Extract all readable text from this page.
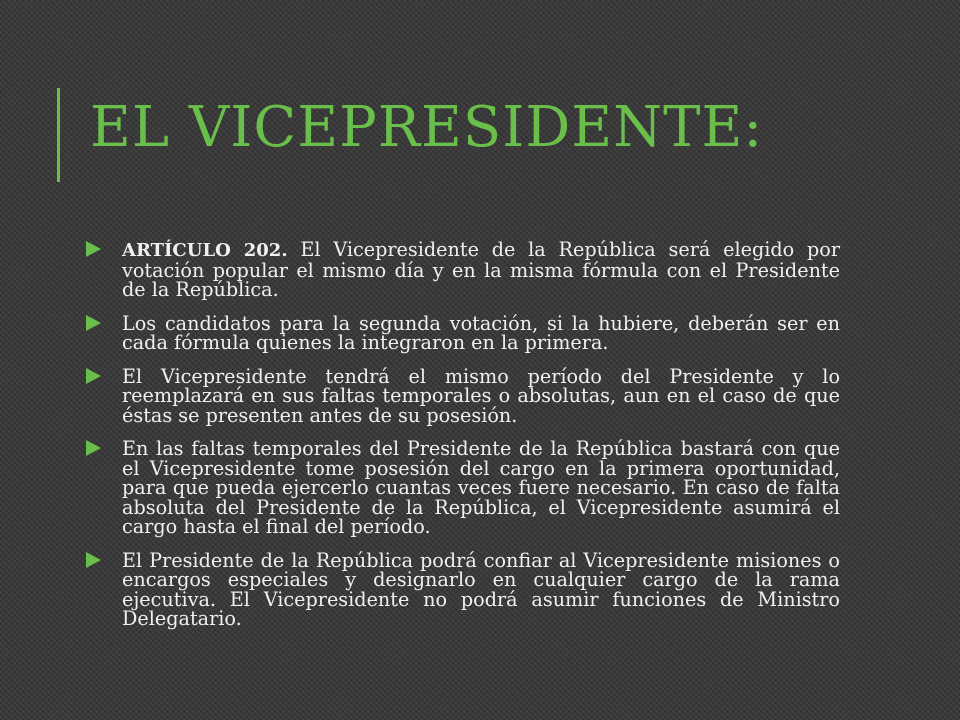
EL VICEPRESIDENTE:
ARTÍCULO 202. El Vicepresidente de la República será elegido por votación popular el mismo día y en la misma fórmula con el Presidente de la República.
Los candidatos para la segunda votación, si la hubiere, deberán ser en cada fórmula quienes la integraron en la primera.
El Vicepresidente tendrá el mismo período del Presidente y lo reemplazará en sus faltas temporales o absolutas, aun en el caso de que éstas se presenten antes de su posesión.
En las faltas temporales del Presidente de la República bastará con que el Vicepresidente tome posesión del cargo en la primera oportunidad, para que pueda ejercerlo cuantas veces fuere necesario. En caso de falta absoluta del Presidente de la República, el Vicepresidente asumirá el cargo hasta el final del período.
El Presidente de la República podrá confiar al Vicepresidente misiones o encargos especiales y designarlo en cualquier cargo de la rama ejecutiva. El Vicepresidente no podrá asumir funciones de Ministro Delegatario.
